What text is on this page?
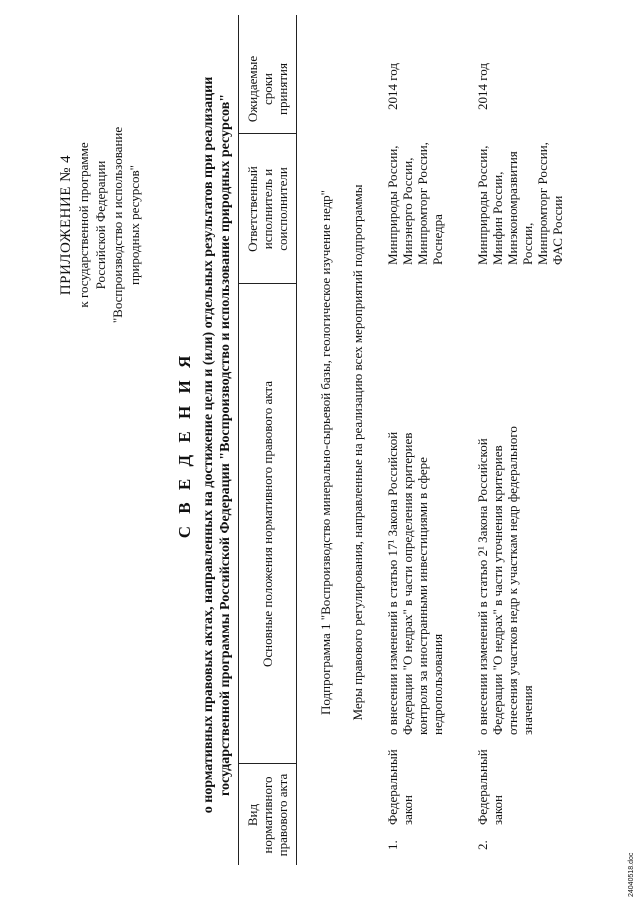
ПРИЛОЖЕНИЕ № 4 к государственной программе Российской Федерации "Воспроизводство и использование природных ресурсов"
С В Е Д Е Н И Я о нормативных правовых актах, направленных на достижение цели и (или) отдельных результатов при реализации государственной программы Российской Федерации "Воспроизводство и использование природных ресурсов"
Вид нормативного правового акта
Основные положения нормативного правового акта
Ответственный исполнитель и соисполнители
Ожидаемые сроки принятия
Подпрограмма 1 "Воспроизводство минерально-сырьевой базы, геологическое изучение недр" Меры правового регулирования, направленные на реализацию всех мероприятий подпрограммы
1.
Федеральный закон
о внесении изменений в статью 17¹ Закона Российской Федерации "О недрах" в части определения критериев контроля за иностранными инвестициями в сфере недропользования
Минприроды России, Минэнерго России, Минпромторг России, Роснедра
2014 год
2.
Федеральный закон
о внесении изменений в статью 2¹ Закона Российской Федерации "О недрах" в части уточнения критериев отнесения участков недр к участкам недр федерального значения
Минприроды России, Минфин России, Минэкономразвития России, Минпромторг России, ФАС России
2014 год
24040518.doc
